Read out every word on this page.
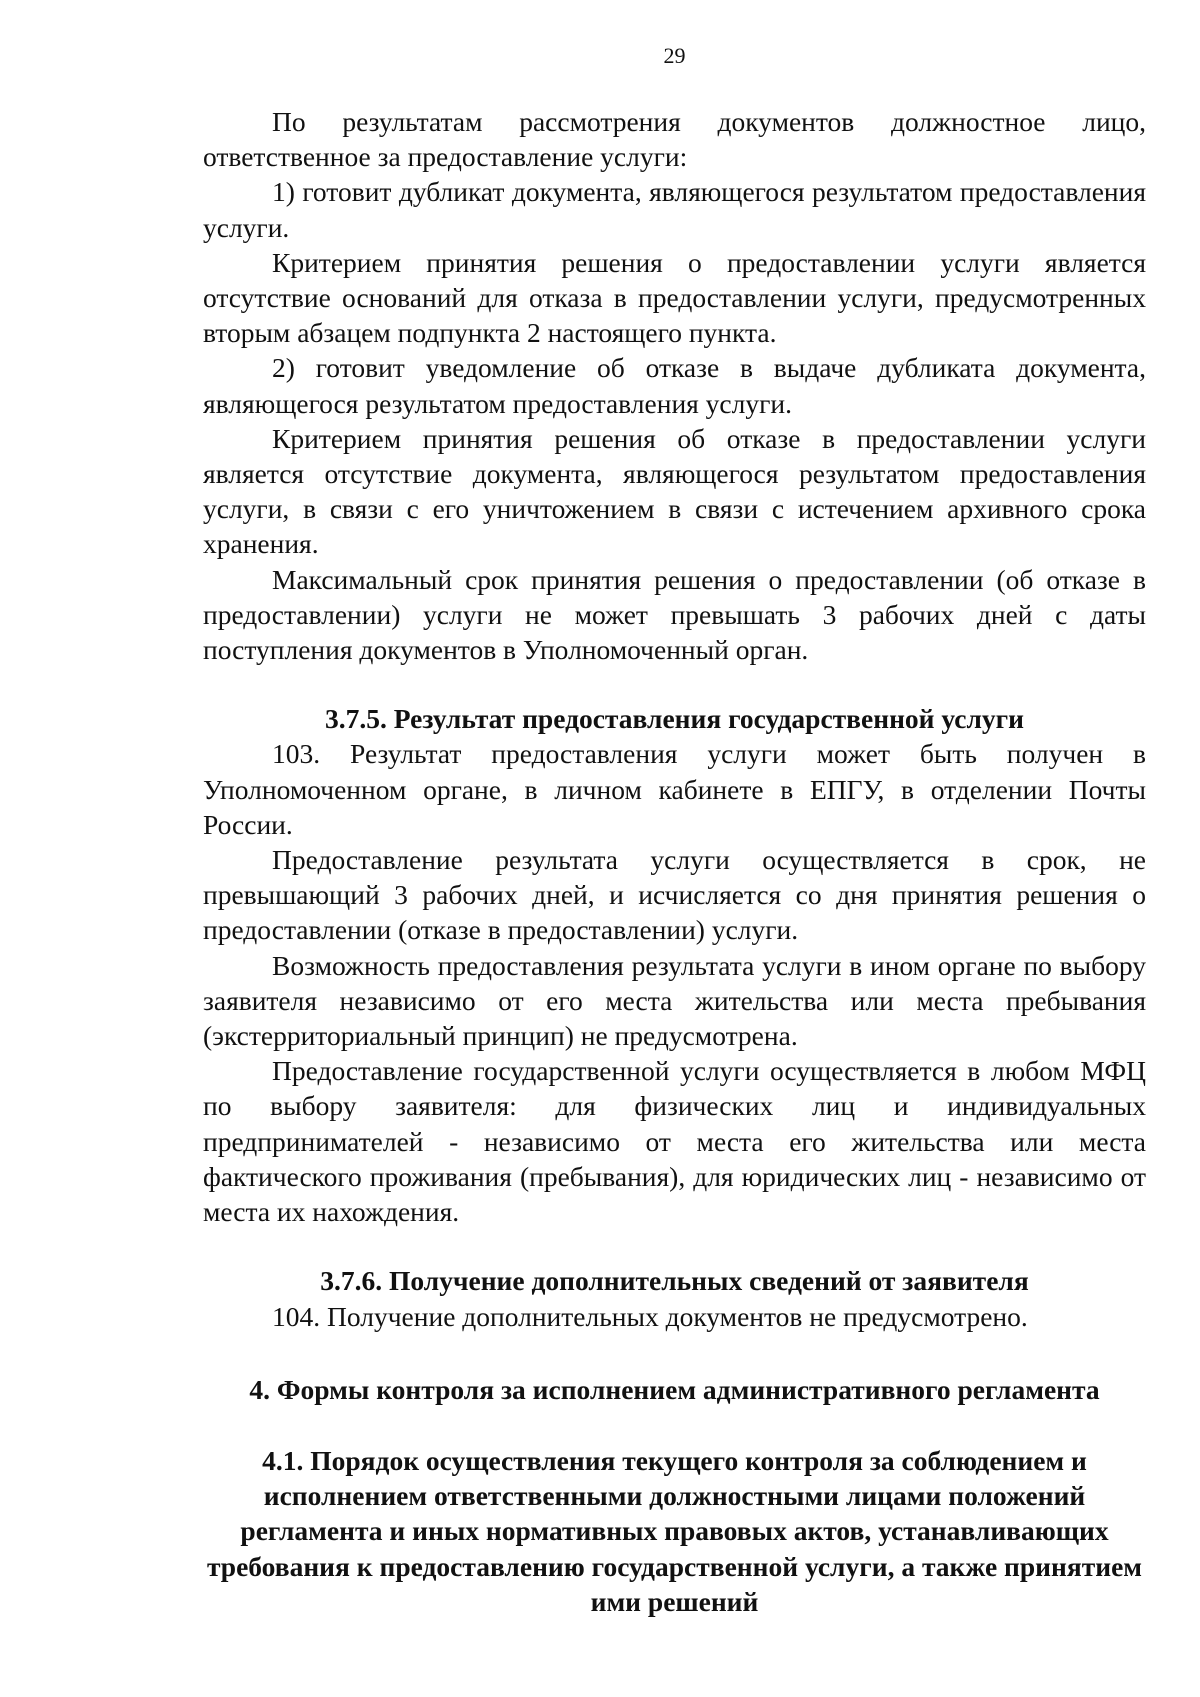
29

По результатам рассмотрения документов должностное лицо, ответственное за предоставление услуги:

1) готовит дубликат документа, являющегося результатом предоставления услуги.

Критерием принятия решения о предоставлении услуги является отсутствие оснований для отказа в предоставлении услуги, предусмотренных вторым абзацем подпункта 2 настоящего пункта.

2) готовит уведомление об отказе в выдаче дубликата документа, являющегося результатом предоставления услуги.

Критерием принятия решения об отказе в предоставлении услуги является отсутствие документа, являющегося результатом предоставления услуги, в связи с его уничтожением в связи с истечением архивного срока хранения.

Максимальный срок принятия решения о предоставлении (об отказе в предоставлении) услуги не может превышать 3 рабочих дней с даты поступления документов в Уполномоченный орган.

3.7.5. Результат предоставления государственной услуги

103. Результат предоставления услуги может быть получен в Уполномоченном органе, в личном кабинете в ЕПГУ, в отделении Почты России.

Предоставление результата услуги осуществляется в срок, не превышающий 3 рабочих дней, и исчисляется со дня принятия решения о предоставлении (отказе в предоставлении) услуги.

Возможность предоставления результата услуги в ином органе по выбору заявителя независимо от его места жительства или места пребывания (экстерриториальный принцип) не предусмотрена.

Предоставление государственной услуги осуществляется в любом МФЦ по выбору заявителя: для физических лиц и индивидуальных предпринимателей - независимо от места его жительства или места фактического проживания (пребывания), для юридических лиц - независимо от места их нахождения.

3.7.6. Получение дополнительных сведений от заявителя

104. Получение дополнительных документов не предусмотрено.

4. Формы контроля за исполнением административного регламента

4.1. Порядок осуществления текущего контроля за соблюдением и исполнением ответственными должностными лицами положений регламента и иных нормативных правовых актов, устанавливающих требования к предоставлению государственной услуги, а также принятием ими решений
